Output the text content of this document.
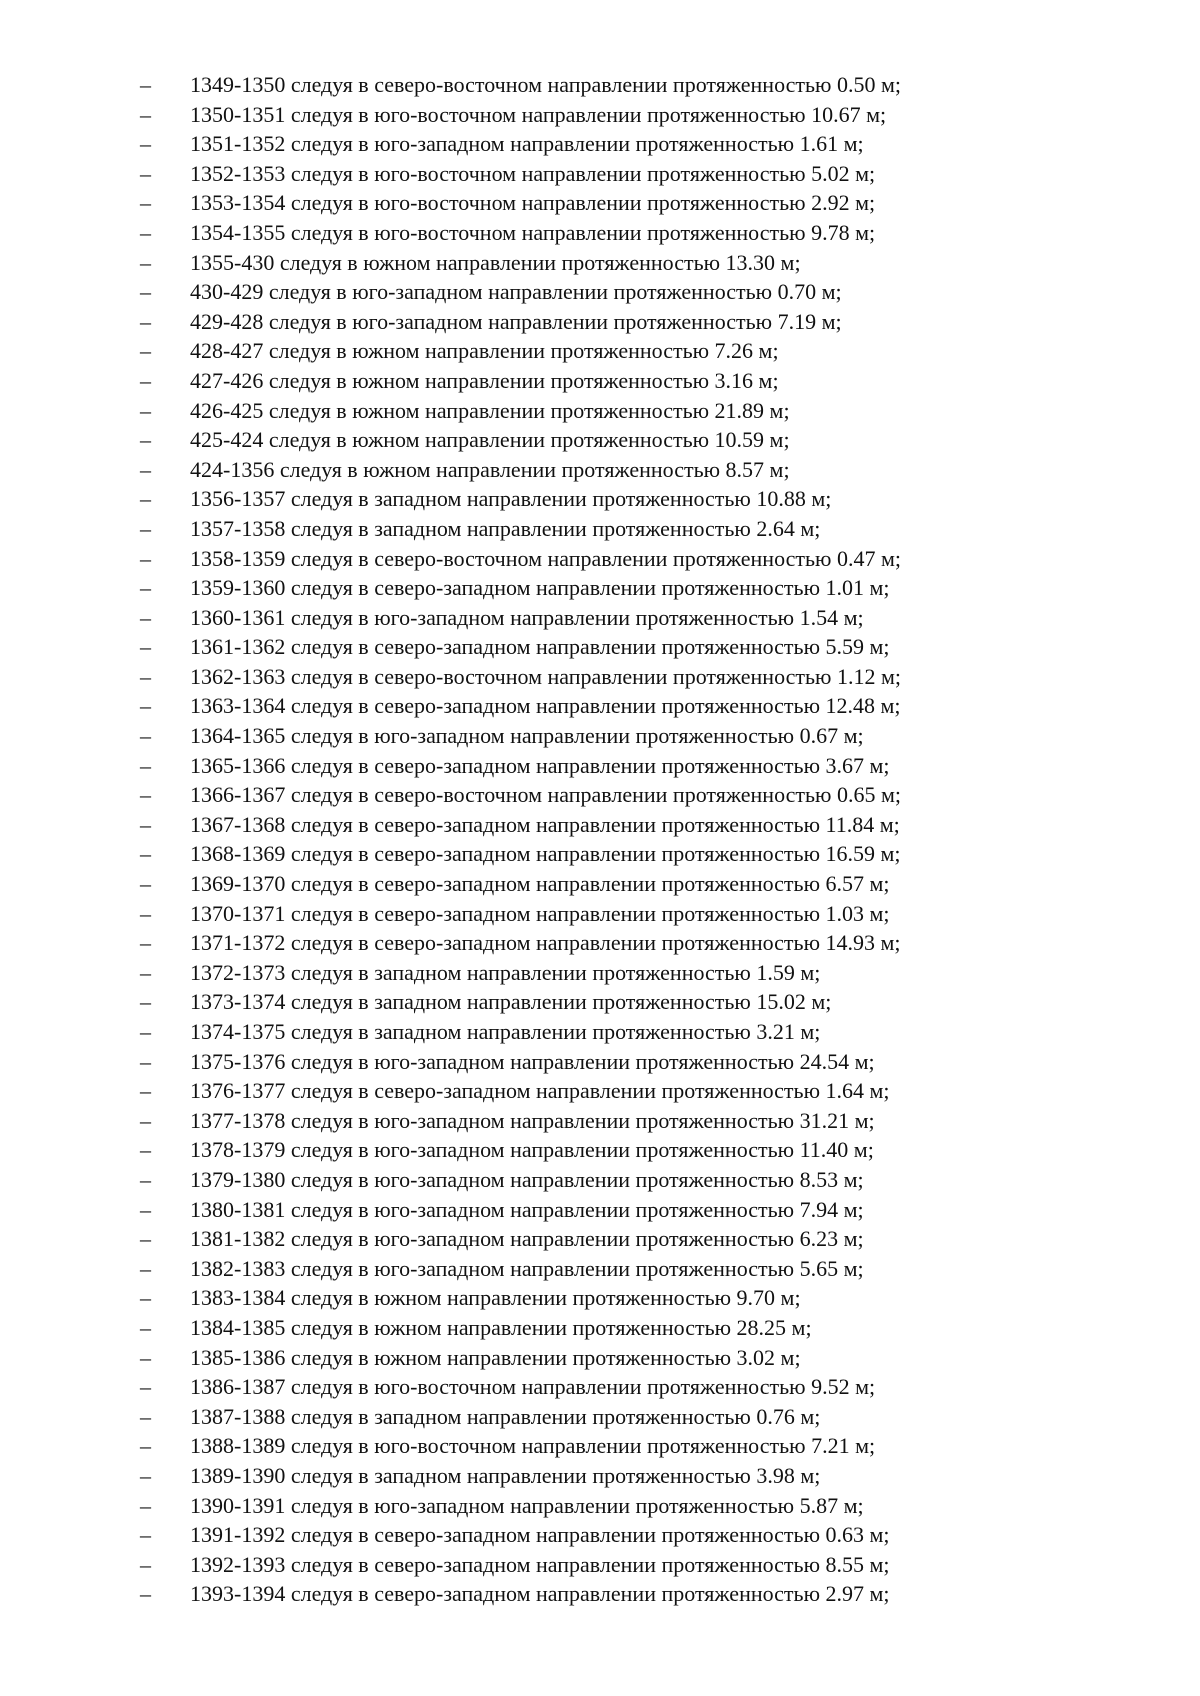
– 1349-1350 следуя в северо-восточном направлении протяженностью 0.50 м;
– 1350-1351 следуя в юго-восточном направлении протяженностью 10.67 м;
– 1351-1352 следуя в юго-западном направлении протяженностью 1.61 м;
– 1352-1353 следуя в юго-восточном направлении протяженностью 5.02 м;
– 1353-1354 следуя в юго-восточном направлении протяженностью 2.92 м;
– 1354-1355 следуя в юго-восточном направлении протяженностью 9.78 м;
– 1355-430 следуя в южном направлении протяженностью 13.30 м;
– 430-429 следуя в юго-западном направлении протяженностью 0.70 м;
– 429-428 следуя в юго-западном направлении протяженностью 7.19 м;
– 428-427 следуя в южном направлении протяженностью 7.26 м;
– 427-426 следуя в южном направлении протяженностью 3.16 м;
– 426-425 следуя в южном направлении протяженностью 21.89 м;
– 425-424 следуя в южном направлении протяженностью 10.59 м;
– 424-1356 следуя в южном направлении протяженностью 8.57 м;
– 1356-1357 следуя в западном направлении протяженностью 10.88 м;
– 1357-1358 следуя в западном направлении протяженностью 2.64 м;
– 1358-1359 следуя в северо-восточном направлении протяженностью 0.47 м;
– 1359-1360 следуя в северо-западном направлении протяженностью 1.01 м;
– 1360-1361 следуя в юго-западном направлении протяженностью 1.54 м;
– 1361-1362 следуя в северо-западном направлении протяженностью 5.59 м;
– 1362-1363 следуя в северо-восточном направлении протяженностью 1.12 м;
– 1363-1364 следуя в северо-западном направлении протяженностью 12.48 м;
– 1364-1365 следуя в юго-западном направлении протяженностью 0.67 м;
– 1365-1366 следуя в северо-западном направлении протяженностью 3.67 м;
– 1366-1367 следуя в северо-восточном направлении протяженностью 0.65 м;
– 1367-1368 следуя в северо-западном направлении протяженностью 11.84 м;
– 1368-1369 следуя в северо-западном направлении протяженностью 16.59 м;
– 1369-1370 следуя в северо-западном направлении протяженностью 6.57 м;
– 1370-1371 следуя в северо-западном направлении протяженностью 1.03 м;
– 1371-1372 следуя в северо-западном направлении протяженностью 14.93 м;
– 1372-1373 следуя в западном направлении протяженностью 1.59 м;
– 1373-1374 следуя в западном направлении протяженностью 15.02 м;
– 1374-1375 следуя в западном направлении протяженностью 3.21 м;
– 1375-1376 следуя в юго-западном направлении протяженностью 24.54 м;
– 1376-1377 следуя в северо-западном направлении протяженностью 1.64 м;
– 1377-1378 следуя в юго-западном направлении протяженностью 31.21 м;
– 1378-1379 следуя в юго-западном направлении протяженностью 11.40 м;
– 1379-1380 следуя в юго-западном направлении протяженностью 8.53 м;
– 1380-1381 следуя в юго-западном направлении протяженностью 7.94 м;
– 1381-1382 следуя в юго-западном направлении протяженностью 6.23 м;
– 1382-1383 следуя в юго-западном направлении протяженностью 5.65 м;
– 1383-1384 следуя в южном направлении протяженностью 9.70 м;
– 1384-1385 следуя в южном направлении протяженностью 28.25 м;
– 1385-1386 следуя в южном направлении протяженностью 3.02 м;
– 1386-1387 следуя в юго-восточном направлении протяженностью 9.52 м;
– 1387-1388 следуя в западном направлении протяженностью 0.76 м;
– 1388-1389 следуя в юго-восточном направлении протяженностью 7.21 м;
– 1389-1390 следуя в западном направлении протяженностью 3.98 м;
– 1390-1391 следуя в юго-западном направлении протяженностью 5.87 м;
– 1391-1392 следуя в северо-западном направлении протяженностью 0.63 м;
– 1392-1393 следуя в северо-западном направлении протяженностью 8.55 м;
– 1393-1394 следуя в северо-западном направлении протяженностью 2.97 м;
